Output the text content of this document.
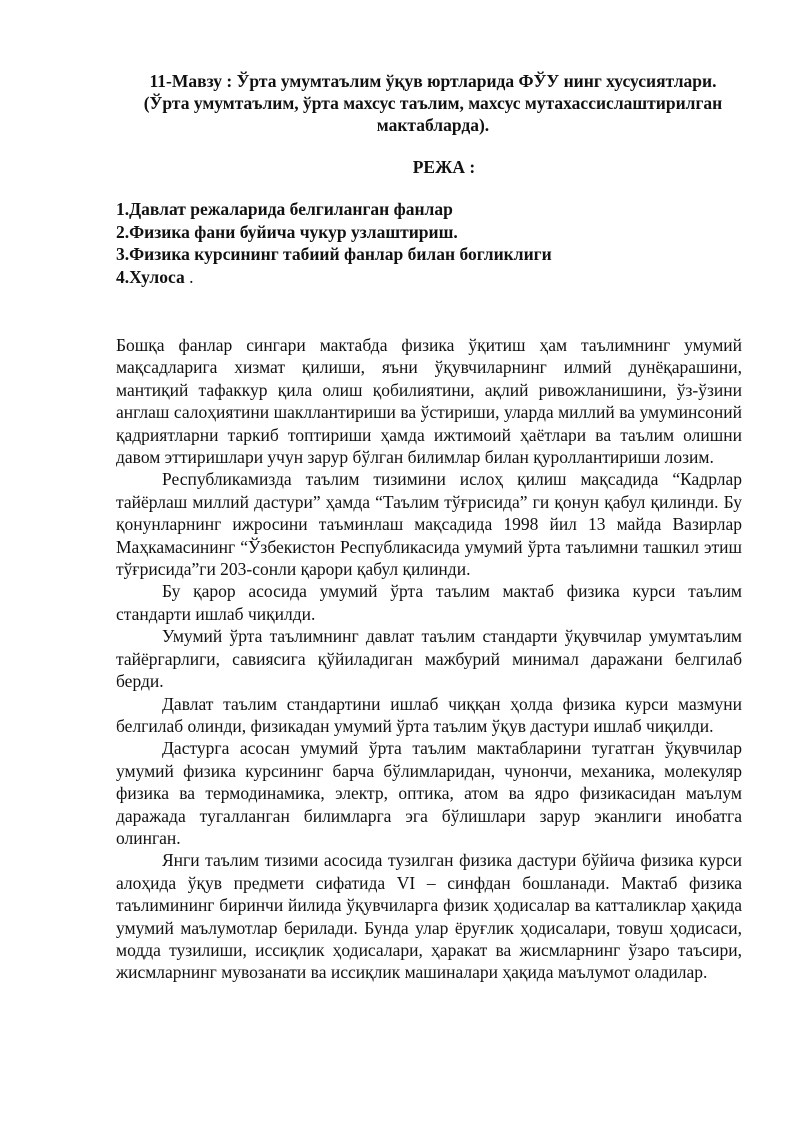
11-Мавзу : Ўрта умумтаълим ўқув юртларида ФЎУ нинг хусусиятлари.
(Ўрта умумтаълим, ўрта махсус таълим, махсус мутахассислаштирилган
мактабларда).
РЕЖА :
1.Давлат режаларида белгиланган фанлар
2.Физика фани буйича чукур узлаштириш.
3.Физика курсининг табиий фанлар билан богликлиги
4.Хулоса .

Бошқа фанлар сингари мактабда физика ўқитиш ҳам таълимнинг умумий мақсадларига хизмат қилиши, яъни ўқувчиларнинг илмий дунёқарашини, мантиқий тафаккур қила олиш қобилиятини, ақлий ривожланишини, ўз-ўзини англаш салоҳиятини шакллантириши ва ўстириши, уларда миллий ва умуминсоний қадриятларни таркиб топтириши ҳамда ижтимоий ҳаётлари ва таълим олишни давом эттиришлари учун зарур бўлган билимлар билан қуроллантириши лозим.

Республикамизда таълим тизимини ислоҳ қилиш мақсадида “Кадрлар тайёрлаш миллий дастури” ҳамда “Таълим тўғрисида” ги қонун қабул қилинди. Бу қонунларнинг ижросини таъминлаш мақсадида 1998 йил 13 майда Вазирлар Маҳкамасининг “Ўзбекистон Республикасида умумий ўрта таълимни ташкил этиш тўғрисида”ги 203-сонли қарори қабул қилинди.

Бу қарор асосида умумий ўрта таълим мактаб физика курси таълим стандарти ишлаб чиқилди.

Умумий ўрта таълимнинг давлат таълим стандарти ўқувчилар умумтаълим тайёргарлиги, савиясига қўйиладиган мажбурий минимал даражани белгилаб берди.

Давлат таълим стандартини ишлаб чиққан ҳолда физика курси мазмуни белгилаб олинди, физикадан умумий ўрта таълим ўқув дастури ишлаб чиқилди.

Дастурга асосан умумий ўрта таълим мактабларини тугатган ўқувчилар умумий физика курсининг барча бўлимларидан, чунончи, механика, молекуляр физика ва термодинамика, электр, оптика, атом ва ядро физикасидан маълум даражада тугалланган билимларга эга бўлишлари зарур эканлиги инобатга олинган.

Янги таълим тизими асосида тузилган физика дастури бўйича физика курси алоҳида ўқув предмети сифатида VI – синфдан бошланади. Мактаб физика таълимининг биринчи йилида ўқувчиларга физик ҳодисалар ва катталиклар ҳақида умумий маълумотлар берилади. Бунда улар ёруғлик ҳодисалари, товуш ҳодисаси, модда тузилиши, иссиқлик ҳодисалари, ҳаракат ва жисмларнинг ўзаро таъсири, жисмларнинг мувозанати ва иссиқлик машиналари ҳақида маълумот оладилар.
